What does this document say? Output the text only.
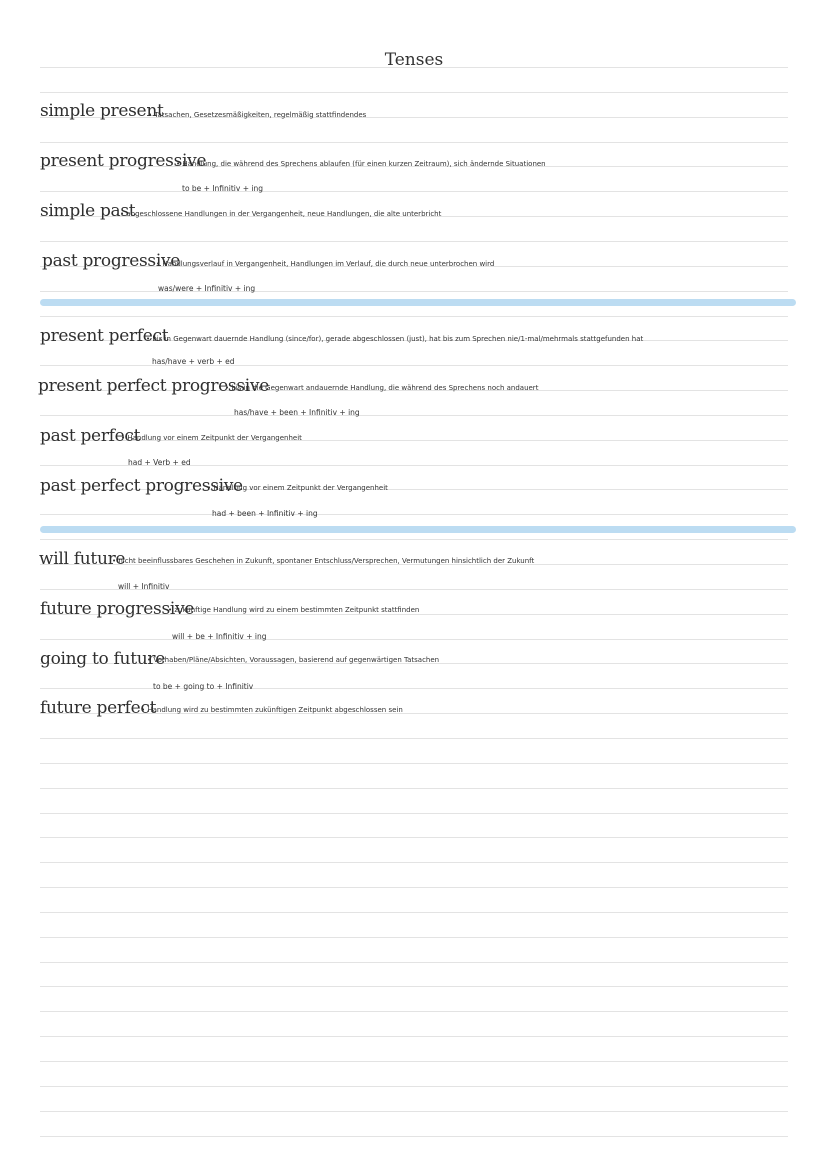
Tenses
simple present
• Tatsachen, Gesetzesmäßigkeiten, regelmäßig stattfindendes
present progressive
• Handlung, die während des Sprechens ablaufen (für einen kurzen Zeitraum), sich ändernde Situationen
to be + Infinitiv + ing
simple past
• abgeschlossene Handlungen in der Vergangenheit, neue Handlungen, die alte unterbricht
past progressive
• Handlungsverlauf in Vergangenheit, Handlungen im Verlauf, die durch neue unterbrochen wird
was/were + Infinitiv + ing
present perfect
• bis in Gegenwart dauernde Handlung (since/for), gerade abgeschlossen (just), hat bis zum Sprechen nie/1-mal/mehrmals stattgefunden hat
has/have + verb + ed
present perfect progressive
• bis in die Gegenwart andauernde Handlung, die während des Sprechens noch andauert
has/have + been + Infinitiv + ing
past perfect
• Handlung vor einem Zeitpunkt der Vergangenheit
had + Verb + ed
past perfect progressive
• Handlung vor einem Zeitpunkt der Vergangenheit
had + been + Infinitiv + ing
will future
• nicht beeinflussbares Geschehen in Zukunft, spontaner Entschluss/Versprechen, Vermutungen hinsichtlich der Zukunft
will + Infinitiv
future progressive
• zukünftige Handlung wird zu einem bestimmten Zeitpunkt stattfinden
will + be + Infinitiv + ing
going to future
• Vorhaben/Pläne/Absichten, Voraussagen, basierend auf gegenwärtigen Tatsachen
to be + going to + Infinitiv
future perfect
• Handlung wird zu bestimmten zukünftigen Zeitpunkt abgeschlossen sein
